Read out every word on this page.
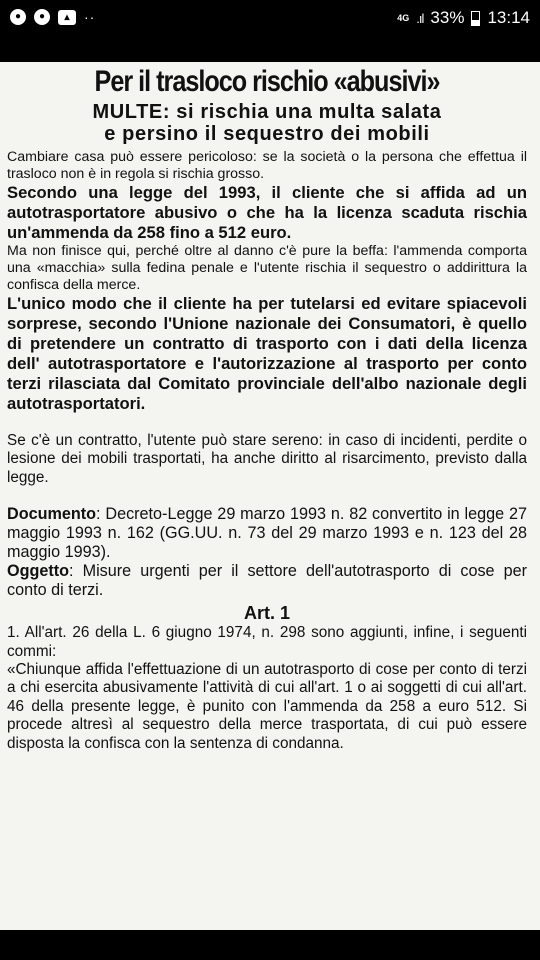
●	●	▴	··	4G .ıl 33% 13:14
Per il trasloco rischio «abusivi»
MULTE: si rischia una multa salata
e persino il sequestro dei mobili

Cambiare casa può essere pericoloso: se la società o la persona che effettua il trasloco non è in regola si rischia grosso.

Secondo una legge del 1993, il cliente che si affida ad un autotrasportatore abusivo o che ha la licenza scaduta rischia un'ammenda da 258 fino a 512 euro.

Ma non finisce qui, perché oltre al danno c'è pure la beffa: l'ammenda comporta una «macchia» sulla fedina penale e l'utente rischia il sequestro o addirittura la confisca della merce.

L'unico modo che il cliente ha per tutelarsi ed evitare spiacevoli sorprese, secondo l'Unione nazionale dei Consumatori, è quello di pretendere un contratto di trasporto con i dati della licenza dell' autotrasportatore e l'autorizzazione al trasporto per conto terzi rilasciata dal Comitato provinciale dell'albo nazionale degli autotrasportatori.

Se c'è un contratto, l'utente può stare sereno: in caso di incidenti, perdite o lesione dei mobili trasportati, ha anche diritto al risarcimento, previsto dalla legge.

Documento: Decreto-Legge 29 marzo 1993 n. 82 convertito in legge 27 maggio 1993 n. 162 (GG.UU. n. 73 del 29 marzo 1993 e n. 123 del 28 maggio 1993).

Oggetto: Misure urgenti per il settore dell'autotrasporto di cose per conto di terzi.

Art. 1

1. All'art. 26 della L. 6 giugno 1974, n. 298 sono aggiunti, infine, i seguenti commi:

«Chiunque affida l'effettuazione di un autotrasporto di cose per conto di terzi a chi esercita abusivamente l'attività di cui all'art. 1 o ai soggetti di cui all'art. 46 della presente legge, è punito con l'ammenda da 258 a euro 512. Si procede altresì al sequestro della merce trasportata, di cui può essere disposta la confisca con la sentenza di condanna.
